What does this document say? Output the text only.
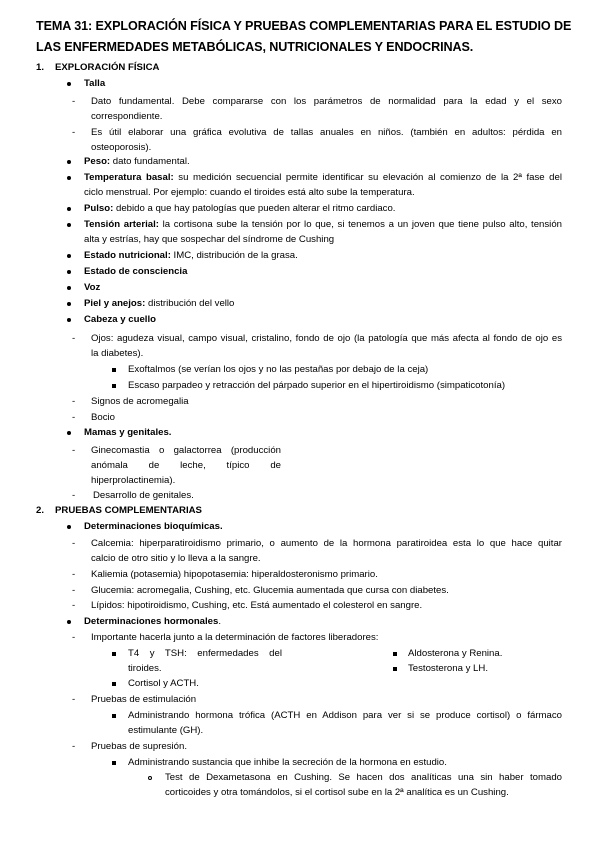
TEMA 31: EXPLORACIÓN FÍSICA Y PRUEBAS COMPLEMENTARIAS PARA EL ESTUDIO DE LAS ENFERMEDADES METABÓLICAS, NUTRICIONALES Y ENDOCRINAS.
1. EXPLORACIÓN FÍSICA
Talla
- Dato fundamental. Debe compararse con los parámetros de normalidad para la edad y el sexo
correspondiente.
- Es útil elaborar una gráfica evolutiva de tallas anuales en niños. (también en adultos: pérdida en
osteoporosis).
Peso: dato fundamental.
Temperatura basal: su medición secuencial permite identificar su elevación al comienzo de la 2ª fase del
ciclo menstrual. Por ejemplo: cuando el tiroides está alto sube la temperatura.
Pulso: debido a que hay patologías que pueden alterar el ritmo cardiaco.
Tensión arterial: la cortisona sube la tensión por lo que, si tenemos a un joven que tiene pulso alto, tensión
alta y estrías, hay que sospechar del síndrome de Cushing
Estado nutricional: IMC, distribución de la grasa.
Estado de consciencia
Voz
Piel y anejos: distribución del vello
Cabeza y cuello
- Ojos: agudeza visual, campo visual, cristalino, fondo de ojo (la patología que más afecta al fondo de ojo es
la diabetes).
Exoftalmos (se verían los ojos y no las pestañas por debajo de la ceja)
Escaso parpadeo y retracción del párpado superior en el hipertiroidismo (simpaticotonía)
- Signos de acromegalia
- Bocio
Mamas y genitales.
- Ginecomastia o galactorrea (producción
anómala de leche, típico de
hiperprolactinemia).
- Desarrollo de genitales.
2. PRUEBAS COMPLEMENTARIAS
Determinaciones bioquímicas.
- Calcemia: hiperparatiroidismo primario, o aumento de la hormona paratiroidea esta lo que hace quitar
calcio de otro sitio y lo lleva a la sangre.
- Kaliemia (potasemia) hipopotasemia: hiperaldosteronismo primario.
- Glucemia: acromegalia, Cushing, etc. Glucemia aumentada que cursa con diabetes.
- Lípidos: hipotiroidismo, Cushing, etc. Está aumentado el colesterol en sangre.
Determinaciones hormonales.
- Importante hacerla junto a la determinación de factores liberadores:
T4 y TSH: enfermedades del
tiroides.
Cortisol y ACTH.
Aldosterona y Renina.
Testosterona y LH.
- Pruebas de estimulación
Administrando hormona trófica (ACTH en Addison para ver si se produce cortisol) o fármaco
estimulante (GH).
- Pruebas de supresión.
Administrando sustancia que inhibe la secreción de la hormona en estudio.
Test de Dexametasona en Cushing. Se hacen dos analíticas una sin haber tomado
corticoides y otra tomándolos, si el cortisol sube en la 2ª analítica es un Cushing.
